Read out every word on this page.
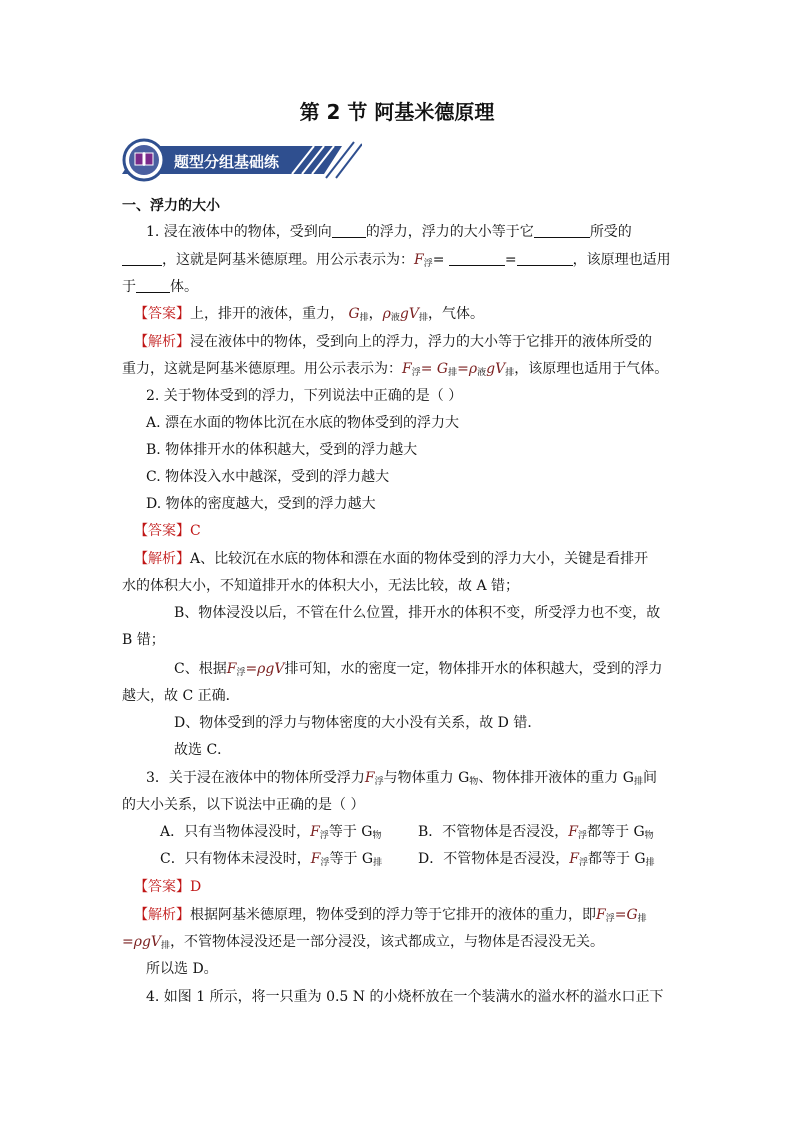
第 2 节 阿基米德原理
题型分组基础练
一、浮力的大小
1. 浸在液体中的物体，受到向 的浮力，浮力的大小等于它	所受的
，这就是阿基米德原理。用公示表示为：$F_浮=$	=	，该原理也适用
于 体。
【答案】上，排开的液体，重力， $G_排$，$\rho_液gV_排$，气体。
【解析】浸在液体中的物体，受到向上的浮力，浮力的大小等于它排开的液体所受的
重力，这就是阿基米德原理。用公示表示为：$F_浮= G_排=\rho_液gV_排$，该原理也适用于气体。
2. 关于物体受到的浮力，下列说法中正确的是（ ）
A. 漂在水面的物体比沉在水底的物体受到的浮力大
B. 物体排开水的体积越大，受到的浮力越大
C. 物体没入水中越深，受到的浮力越大
D. 物体的密度越大，受到的浮力越大
【答案】C
【解析】A、比较沉在水底的物体和漂在水面的物体受到的浮力大小，关键是看排开
水的体积大小，不知道排开水的体积大小，无法比较，故 A 错；
B、物体浸没以后，不管在什么位置，排开水的体积不变，所受浮力也不变，故
B 错；
C、根据$F_浮=\rho gV$排可知，水的密度一定，物体排开水的体积越大，受到的浮力
越大，故 C 正确．
D、物体受到的浮力与物体密度的大小没有关系，故 D 错．
故选 C．
3．关于浸在液体中的物体所受浮力$F_浮$与物体重力 $G_物$、物体排开液体的重力 $G_排$间
的大小关系，以下说法中正确的是（ ）
A．只有当物体浸没时，$F_浮$等于 $G_物$	B．不管物体是否浸没，$F_浮$都等于 $G_物$
C．只有物体未浸没时，$F_浮$等于 $G_排$	D．不管物体是否浸没，$F_浮$都等于 $G_排$
【答案】D
【解析】根据阿基米德原理，物体受到的浮力等于它排开的液体的重力，即$F_浮=G_排$
=ρgV$_排$，不管物体浸没还是一部分浸没，该式都成立，与物体是否浸没无关。
所以选 D。
4. 如图 1 所示，将一只重为 0.5 N 的小烧杯放在一个装满水的溢水杯的溢水口正下
